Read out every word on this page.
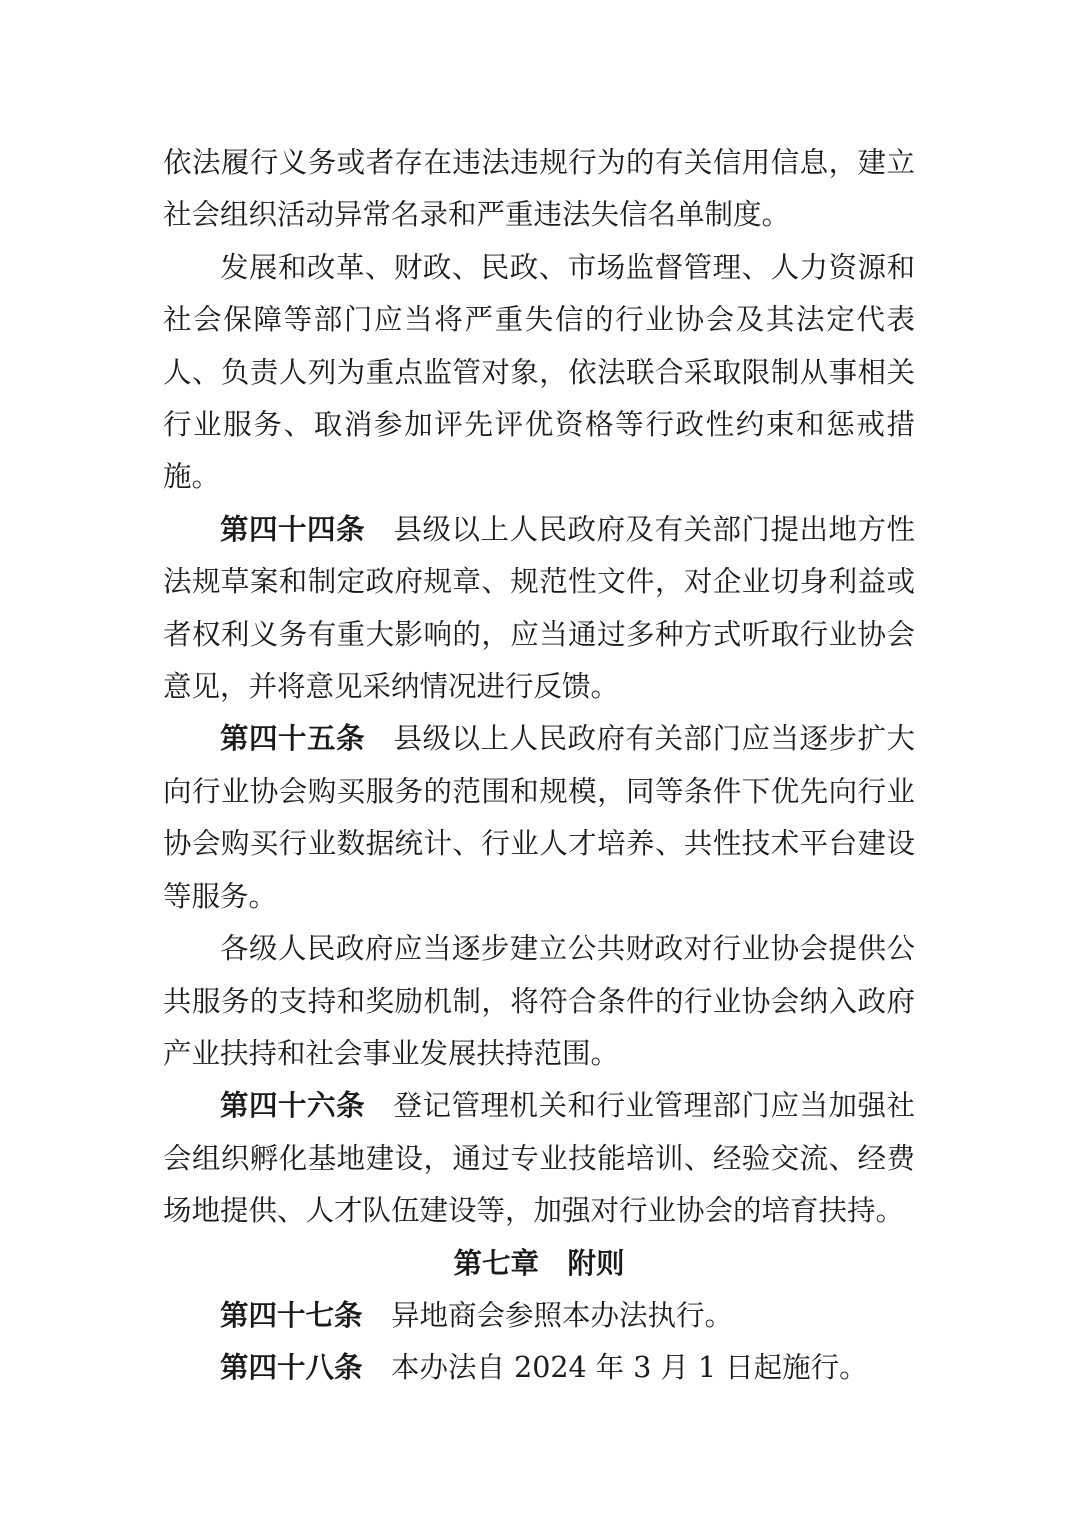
依法履行义务或者存在违法违规行为的有关信用信息，建立社会组织活动异常名录和严重违法失信名单制度。

发展和改革、财政、民政、市场监督管理、人力资源和社会保障等部门应当将严重失信的行业协会及其法定代表人、负责人列为重点监管对象，依法联合采取限制从事相关行业服务、取消参加评先评优资格等行政性约束和惩戒措施。

第四十四条 县级以上人民政府及有关部门提出地方性法规草案和制定政府规章、规范性文件，对企业切身利益或者权利义务有重大影响的，应当通过多种方式听取行业协会意见，并将意见采纳情况进行反馈。

第四十五条 县级以上人民政府有关部门应当逐步扩大向行业协会购买服务的范围和规模，同等条件下优先向行业协会购买行业数据统计、行业人才培养、共性技术平台建设等服务。

各级人民政府应当逐步建立公共财政对行业协会提供公共服务的支持和奖励机制，将符合条件的行业协会纳入政府产业扶持和社会事业发展扶持范围。

第四十六条 登记管理机关和行业管理部门应当加强社会组织孵化基地建设，通过专业技能培训、经验交流、经费场地提供、人才队伍建设等，加强对行业协会的培育扶持。

第七章 附则

第四十七条 异地商会参照本办法执行。

第四十八条 本办法自 2024 年 3 月 1 日起施行。
